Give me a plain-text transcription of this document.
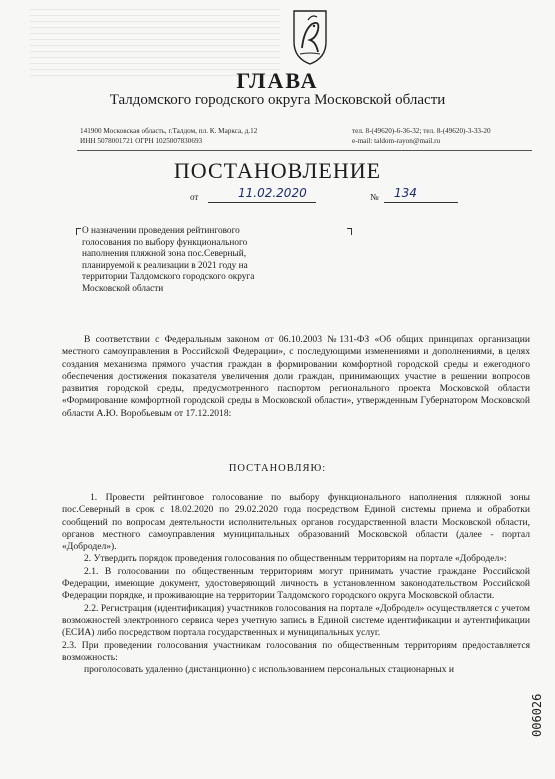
ГЛАВА
Талдомского городского округа Московской области
141900 Московская область, г.Талдом, пл. К. Маркса, д.12
ИНН 5078001721 ОГРН 1025007830693
тел. 8-(49620)-6-36-32; тел. 8-(49620)-3-33-20
e-mail: taldom-rayon@mail.ru
ПОСТАНОВЛЕНИЕ
от	11.02.2020	№ 134
О назначении проведения рейтингового голосования по выбору функционального наполнения пляжной зона пос.Северный, планируемой к реализации в 2021 году на территории Талдомского городского округа Московской области

В соответствии с Федеральным законом от 06.10.2003 №131-ФЗ «Об общих принципах организации местного самоуправления в Российской Федерации», с последующими изменениями и дополнениями, в целях создания механизма прямого участия граждан в формировании комфортной городской среды и ежегодного обеспечения достижения показателя увеличения доли граждан, принимающих участие в решении вопросов развития городской среды, предусмотренного паспортом регионального проекта Московской области «Формирование комфортной городской среды в Московской области», утвержденным Губернатором Московской области А.Ю. Воробьевым от 17.12.2018:

ПОСТАНОВЛЯЮ:

1. Провести рейтинговое голосование по выбору функционального наполнения пляжной зоны пос.Северный в срок с 18.02.2020 по 29.02.2020 года посредством Единой системы приема и обработки сообщений по вопросам деятельности исполнительных органов государственной власти Московской области, органов местного самоуправления муниципальных образований Московской области (далее - портал «Добродел»).

2. Утвердить порядок проведения голосования по общественным территориям на портале «Добродел»:

2.1. В голосовании по общественным территориям могут принимать участие граждане Российской Федерации, имеющие документ, удостоверяющий личность в установленном законодательством Российской Федерации порядке, и проживающие на территории Талдомского городского округа Московской области.

2.2. Регистрация (идентификация) участников голосования на портале «Добродел» осуществляется с учетом возможностей электронного сервиса через учетную запись в Единой системе идентификации и аутентификации (ЕСИА) либо посредством портала государственных и муниципальных услуг.

2.3. При проведении голосования участникам голосования по общественным территориям предоставляется возможность:

проголосовать удаленно (дистанционно) с использованием персональных стационарных и

006026
